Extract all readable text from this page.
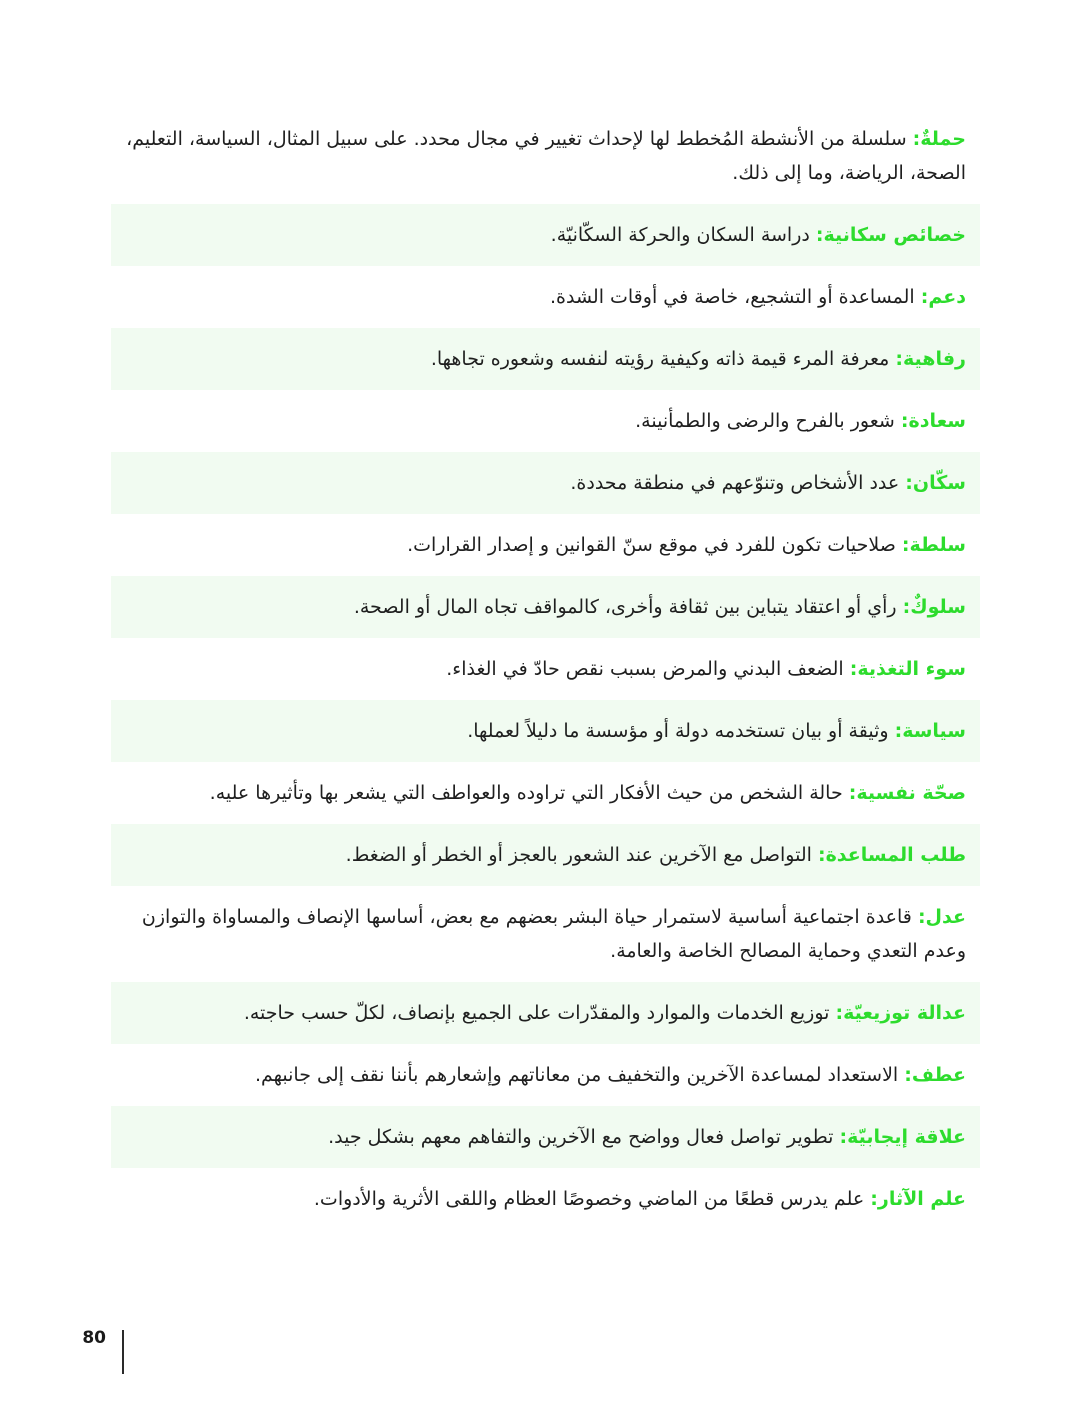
حملةٌ: سلسلة من الأنشطة المُخطط لها لإحداث تغيير في مجال محدد. على سبيل المثال، السياسة، التعليم، الصحة، الرياضة، وما إلى ذلك.
خصائص سكانية: دراسة السكان والحركة السكّانيّة.
دعم: المساعدة أو التشجيع، خاصة في أوقات الشدة.
رفاهية: معرفة المرء قيمة ذاته وكيفية رؤيته لنفسه وشعوره تجاهها.
سعادة: شعور بالفرح والرضى والطمأنينة.
سكّان: عدد الأشخاص وتنوّعهم في منطقة محددة.
سلطة: صلاحيات تكون للفرد في موقع سنّ القوانين و إصدار القرارات.
سلوكٌ: رأي أو اعتقاد يتباين بين ثقافة وأخرى، كالمواقف تجاه المال أو الصحة.
سوء التغذية: الضعف البدني والمرض بسبب نقص حادّ في الغذاء.
سياسة: وثيقة أو بيان تستخدمه دولة أو مؤسسة ما دليلاً لعملها.
صحّة نفسية: حالة الشخص من حيث الأفكار التي تراوده والعواطف التي يشعر بها وتأثيرها عليه.
طلب المساعدة: التواصل مع الآخرين عند الشعور بالعجز أو الخطر أو الضغط.
عدل: قاعدة اجتماعية أساسية لاستمرار حياة البشر بعضهم مع بعض، أساسها الإنصاف والمساواة والتوازن وعدم التعدي وحماية المصالح الخاصة والعامة.
عدالة توزيعيّة: توزيع الخدمات والموارد والمقدّرات على الجميع بإنصاف، لكلّ حسب حاجته.
عطف: الاستعداد لمساعدة الآخرين والتخفيف من معاناتهم وإشعارهم بأننا نقف إلى جانبهم.
علاقة إيجابيّة: تطوير تواصل فعال وواضح مع الآخرين والتفاهم معهم بشكل جيد.
علم الآثار: علم يدرس قطعًا من الماضي وخصوصًا العظام واللقى الأثرية والأدوات.
80
